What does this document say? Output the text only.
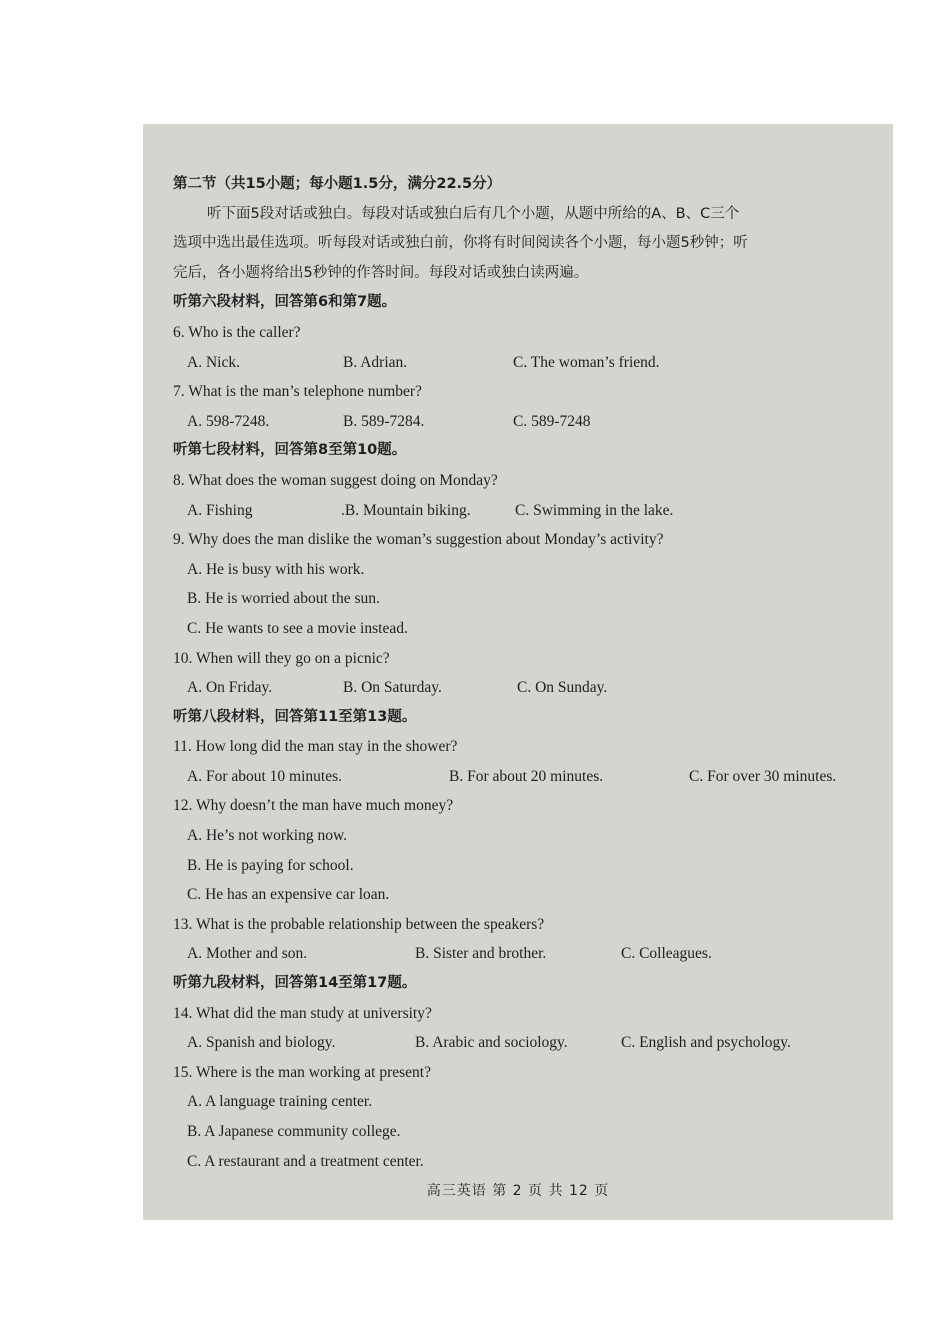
第二节（共15小题；每小题1.5分，满分22.5分）
听下面5段对话或独白。每段对话或独白后有几个小题，从题中所给的A、B、C三个
选项中选出最佳选项。听每段对话或独白前，你将有时间阅读各个小题，每小题5秒钟；听
完后，各小题将给出5秒钟的作答时间。每段对话或独白读两遍。
听第六段材料，回答第6和第7题。
6. Who is the caller?
A. Nick.	B. Adrian.	C. The woman’s friend.
7. What is the man’s telephone number?
A. 598-7248.	B. 589-7284.	C. 589-7248
听第七段材料，回答第8至第10题。
8. What does the woman suggest doing on Monday?
A. Fishing	.B. Mountain biking.	C. Swimming in the lake.
9. Why does the man dislike the woman’s suggestion about Monday’s activity?
A. He is busy with his work.
B. He is worried about the sun.
C. He wants to see a movie instead.
10. When will they go on a picnic?
A. On Friday.	B. On Saturday.	C. On Sunday.
听第八段材料，回答第11至第13题。
11. How long did the man stay in the shower?
A. For about 10 minutes.	B. For about 20 minutes.	C. For over 30 minutes.
12. Why doesn’t the man have much money?
A. He’s not working now.
B. He is paying for school.
C. He has an expensive car loan.
13. What is the probable relationship between the speakers?
A. Mother and son.	B. Sister and brother.	C. Colleagues.
听第九段材料，回答第14至第17题。
14. What did the man study at university?
A. Spanish and biology.	B. Arabic and sociology.	C. English and psychology.
15. Where is the man working at present?
A. A language training center.
B. A Japanese community college.
C. A restaurant and a treatment center.
高三英语 第 2 页 共 12 页
